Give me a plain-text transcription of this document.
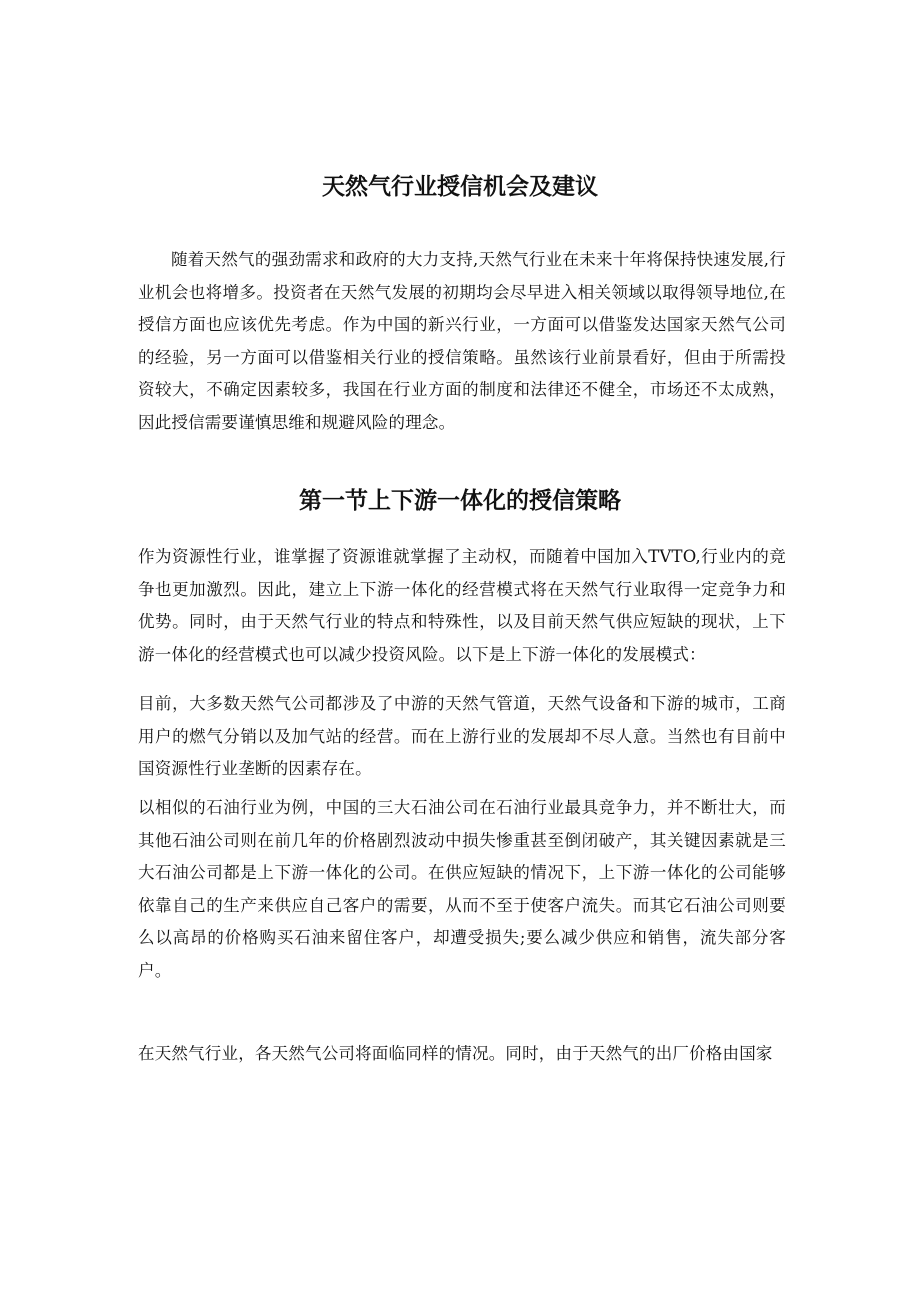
天然气行业授信机会及建议

随着天然气的强劲需求和政府的大力支持,天然气行业在未来十年将保持快速发展,行业机会也将增多。投资者在天然气发展的初期均会尽早进入相关领域以取得领导地位,在授信方面也应该优先考虑。作为中国的新兴行业，一方面可以借鉴发达国家天然气公司的经验，另一方面可以借鉴相关行业的授信策略。虽然该行业前景看好，但由于所需投资较大，不确定因素较多，我国在行业方面的制度和法律还不健全，市场还不太成熟，因此授信需要谨慎思维和规避风险的理念。

第一节上下游一体化的授信策略

作为资源性行业，谁掌握了资源谁就掌握了主动权，而随着中国加入TVTO,行业内的竞争也更加激烈。因此，建立上下游一体化的经营模式将在天然气行业取得一定竞争力和优势。同时，由于天然气行业的特点和特殊性，以及目前天然气供应短缺的现状，上下游一体化的经营模式也可以减少投资风险。以下是上下游一体化的发展模式：

目前，大多数天然气公司都涉及了中游的天然气管道，天然气设备和下游的城市，工商用户的燃气分销以及加气站的经营。而在上游行业的发展却不尽人意。当然也有目前中国资源性行业垄断的因素存在。

以相似的石油行业为例，中国的三大石油公司在石油行业最具竞争力，并不断壮大，而其他石油公司则在前几年的价格剧烈波动中损失惨重甚至倒闭破产，其关键因素就是三大石油公司都是上下游一体化的公司。在供应短缺的情况下，上下游一体化的公司能够依靠自己的生产来供应自己客户的需要，从而不至于使客户流失。而其它石油公司则要么以高昂的价格购买石油来留住客户，却遭受损失;要么减少供应和销售，流失部分客户。

在天然气行业，各天然气公司将面临同样的情况。同时，由于天然气的出厂价格由国家
